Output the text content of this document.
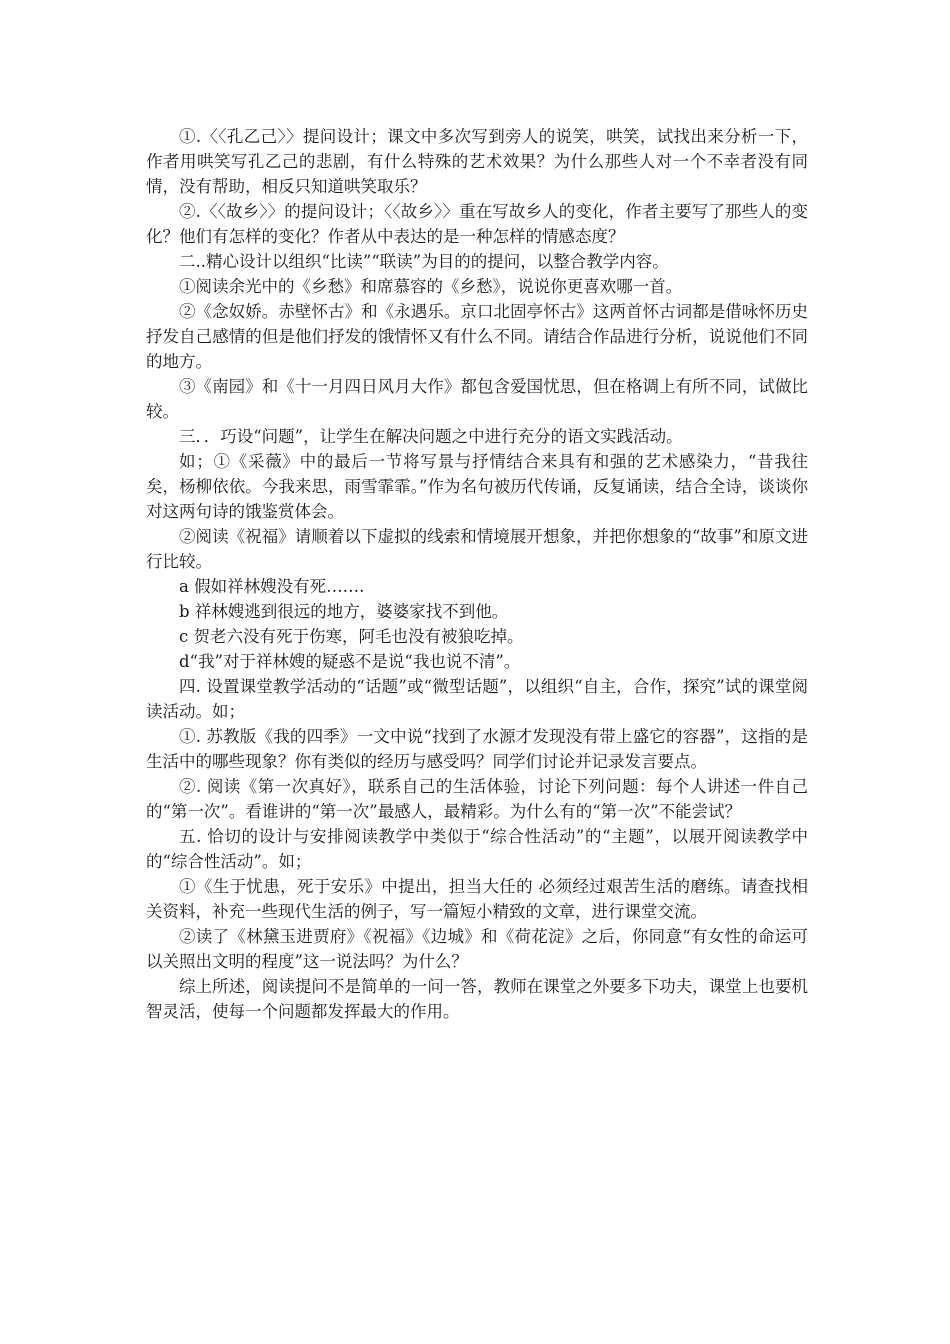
①.〈〈孔乙己〉〉提问设计；课文中多次写到旁人的说笑，哄笑，试找出来分析一下，作者用哄笑写孔乙己的悲剧，有什么特殊的艺术效果？为什么那些人对一个不幸者没有同情，没有帮助，相反只知道哄笑取乐？

②.〈〈故乡〉〉的提问设计；〈〈故乡〉〉重在写故乡人的变化，作者主要写了那些人的变化？他们有怎样的变化？作者从中表达的是一种怎样的情感态度？

二..精心设计以组织“比读”“联读”为目的的提问，以整合教学内容。

①阅读余光中的《乡愁》和席慕容的《乡愁》，说说你更喜欢哪一首。

②《念奴娇。赤壁怀古》和《永遇乐。京口北固亭怀古》这两首怀古词都是借咏怀历史抒发自己感情的但是他们抒发的饿情怀又有什么不同。请结合作品进行分析，说说他们不同的地方。

③《南园》和《十一月四日风月大作》都包含爱国忧思，但在格调上有所不同，试做比较。

三．．巧设“问题”，让学生在解决问题之中进行充分的语文实践活动。

如；①《采薇》中的最后一节将写景与抒情结合来具有和强的艺术感染力，“昔我往矣，杨柳依依。今我来思，雨雪霏霏。”作为名句被历代传诵，反复诵读，结合全诗，谈谈你对这两句诗的饿鉴赏体会。

②阅读《祝福》请顺着以下虚拟的线索和情境展开想象，并把你想象的“故事”和原文进行比较。

a 假如祥林嫂没有死…….

b 祥林嫂逃到很远的地方，婆婆家找不到他。

c 贺老六没有死于伤寒，阿毛也没有被狼吃掉。

d“我”对于祥林嫂的疑惑不是说“我也说不清”。

四. 设置课堂教学活动的“话题”或“微型话题”，以组织“自主，合作，探究”试的课堂阅读活动。如；

①. 苏教版《我的四季》一文中说“找到了水源才发现没有带上盛它的容器”，这指的是生活中的哪些现象？你有类似的经历与感受吗？同学们讨论并记录发言要点。

②. 阅读《第一次真好》，联系自己的生活体验，讨论下列问题：每个人讲述一件自己的“第一次”。看谁讲的“第一次”最感人，最精彩。为什么有的“第一次”不能尝试？

五. 恰切的设计与安排阅读教学中类似于“综合性活动”的“主题”，以展开阅读教学中的“综合性活动”。如；

①《生于忧患，死于安乐》中提出，担当大任的 必须经过艰苦生活的磨练。请查找相关资料，补充一些现代生活的例子，写一篇短小精致的文章，进行课堂交流。

②读了《林黛玉进贾府》《祝福》《边城》和《荷花淀》之后，你同意“有女性的命运可以关照出文明的程度”这一说法吗？为什么？

综上所述，阅读提问不是简单的一问一答，教师在课堂之外要多下功夫，课堂上也要机智灵活，使每一个问题都发挥最大的作用。
